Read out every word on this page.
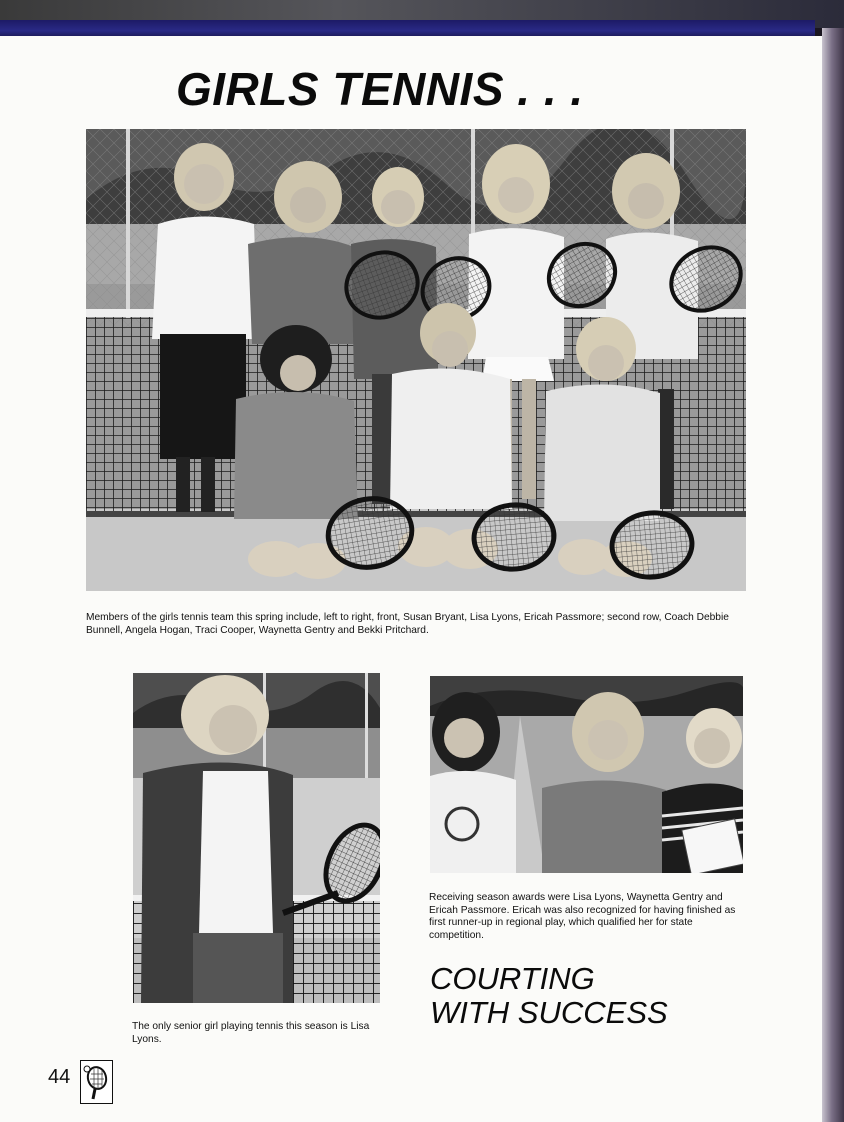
GIRLS TENNIS . . .

Members of the girls tennis team this spring include, left to right, front, Susan Bryant, Lisa Lyons, Ericah Passmore; second row, Coach Debbie Bunnell, Angela Hogan, Traci Cooper, Waynetta Gentry and Bekki Pritchard.

The only senior girl playing tennis this season is Lisa Lyons.

Receiving season awards were Lisa Lyons, Waynetta Gentry and Ericah Passmore. Ericah was also recognized for having finished as first runner-up in regional play, which qualified her for state competition.

COURTING
WITH SUCCESS

44
